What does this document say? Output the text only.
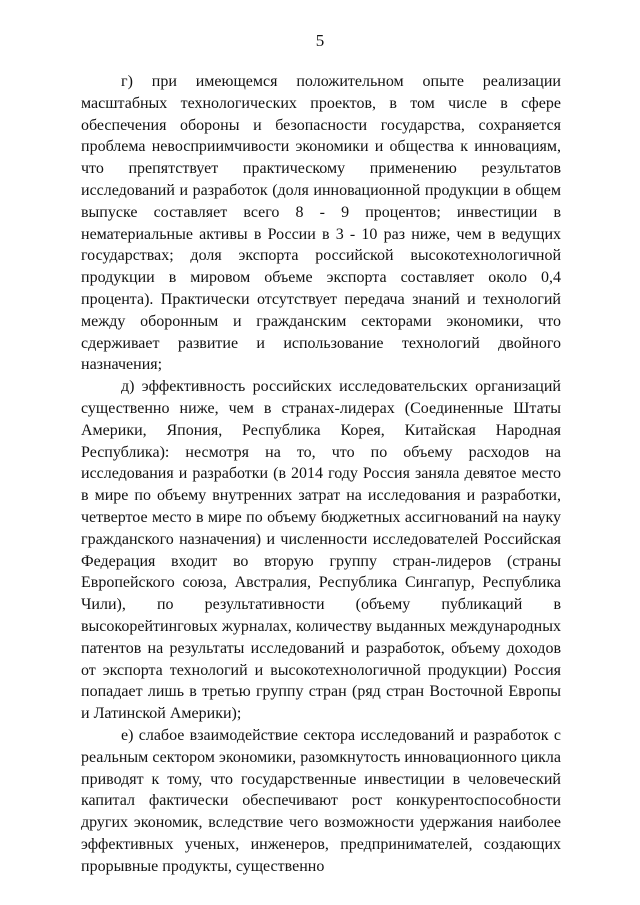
5

г) при имеющемся положительном опыте реализации масштабных технологических проектов, в том числе в сфере обеспечения обороны и безопасности государства, сохраняется проблема невосприимчивости экономики и общества к инновациям, что препятствует практическому применению результатов исследований и разработок (доля инновационной продукции в общем выпуске составляет всего 8 - 9 процентов; инвестиции в нематериальные активы в России в 3 - 10 раз ниже, чем в ведущих государствах; доля экспорта российской высокотехнологичной продукции в мировом объеме экспорта составляет около 0,4 процента). Практически отсутствует передача знаний и технологий между оборонным и гражданским секторами экономики, что сдерживает развитие и использование технологий двойного назначения;

д) эффективность российских исследовательских организаций существенно ниже, чем в странах-лидерах (Соединенные Штаты Америки, Япония, Республика Корея, Китайская Народная Республика): несмотря на то, что по объему расходов на исследования и разработки (в 2014 году Россия заняла девятое место в мире по объему внутренних затрат на исследования и разработки, четвертое место в мире по объему бюджетных ассигнований на науку гражданского назначения) и численности исследователей Российская Федерация входит во вторую группу стран-лидеров (страны Европейского союза, Австралия, Республика Сингапур, Республика Чили), по результативности (объему публикаций в высокорейтинговых журналах, количеству выданных международных патентов на результаты исследований и разработок, объему доходов от экспорта технологий и высокотехнологичной продукции) Россия попадает лишь в третью группу стран (ряд стран Восточной Европы и Латинской Америки);

е) слабое взаимодействие сектора исследований и разработок с реальным сектором экономики, разомкнутость инновационного цикла приводят к тому, что государственные инвестиции в человеческий капитал фактически обеспечивают рост конкурентоспособности других экономик, вследствие чего возможности удержания наиболее эффективных ученых, инженеров, предпринимателей, создающих прорывные продукты, существенно
